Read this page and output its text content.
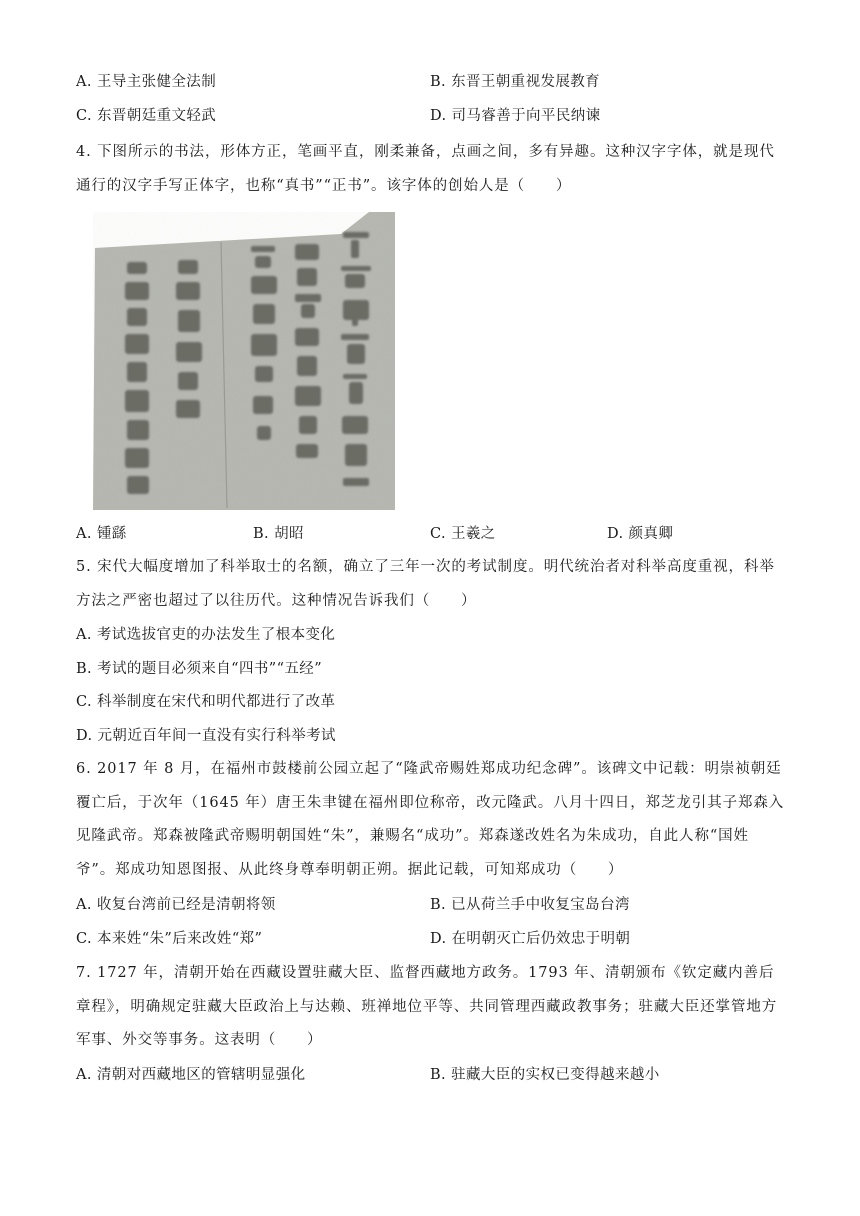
A. 王导主张健全法制	B. 东晋王朝重视发展教育
C. 东晋朝廷重文轻武	D. 司马睿善于向平民纳谏
4. 下图所示的书法，形体方正，笔画平直，刚柔兼备，点画之间，多有异趣。这种汉字字体，就是现代通行的汉字手写正体字，也称“真书”“正书”。该字体的创始人是（　　）
A. 锺繇	B. 胡昭	C. 王羲之	D. 颜真卿
5. 宋代大幅度增加了科举取士的名额，确立了三年一次的考试制度。明代统治者对科举高度重视，科举方法之严密也超过了以往历代。这种情况告诉我们（　　）
A. 考试选拔官吏的办法发生了根本变化
B. 考试的题目必须来自“四书”“五经”
C. 科举制度在宋代和明代都进行了改革
D. 元朝近百年间一直没有实行科举考试
6. 2017 年 8 月，在福州市鼓楼前公园立起了“隆武帝赐姓郑成功纪念碑”。该碑文中记载：明崇祯朝廷覆亡后，于次年（1645 年）唐王朱聿键在福州即位称帝，改元隆武。八月十四日，郑芝龙引其子郑森入见隆武帝。郑森被隆武帝赐明朝国姓“朱”，兼赐名“成功”。郑森遂改姓名为朱成功，自此人称“国姓爷”。郑成功知恩图报、从此终身尊奉明朝正朔。据此记载，可知郑成功（　　）
A. 收复台湾前已经是清朝将领	B. 已从荷兰手中收复宝岛台湾
C. 本来姓“朱”后来改姓“郑”	D. 在明朝灭亡后仍效忠于明朝
7. 1727 年，清朝开始在西藏设置驻藏大臣、监督西藏地方政务。1793 年、清朝颁布《钦定藏内善后章程》，明确规定驻藏大臣政治上与达赖、班禅地位平等、共同管理西藏政教事务；驻藏大臣还掌管地方军事、外交等事务。这表明（　　）
A. 清朝对西藏地区的管辖明显强化	B. 驻藏大臣的实权已变得越来越小
